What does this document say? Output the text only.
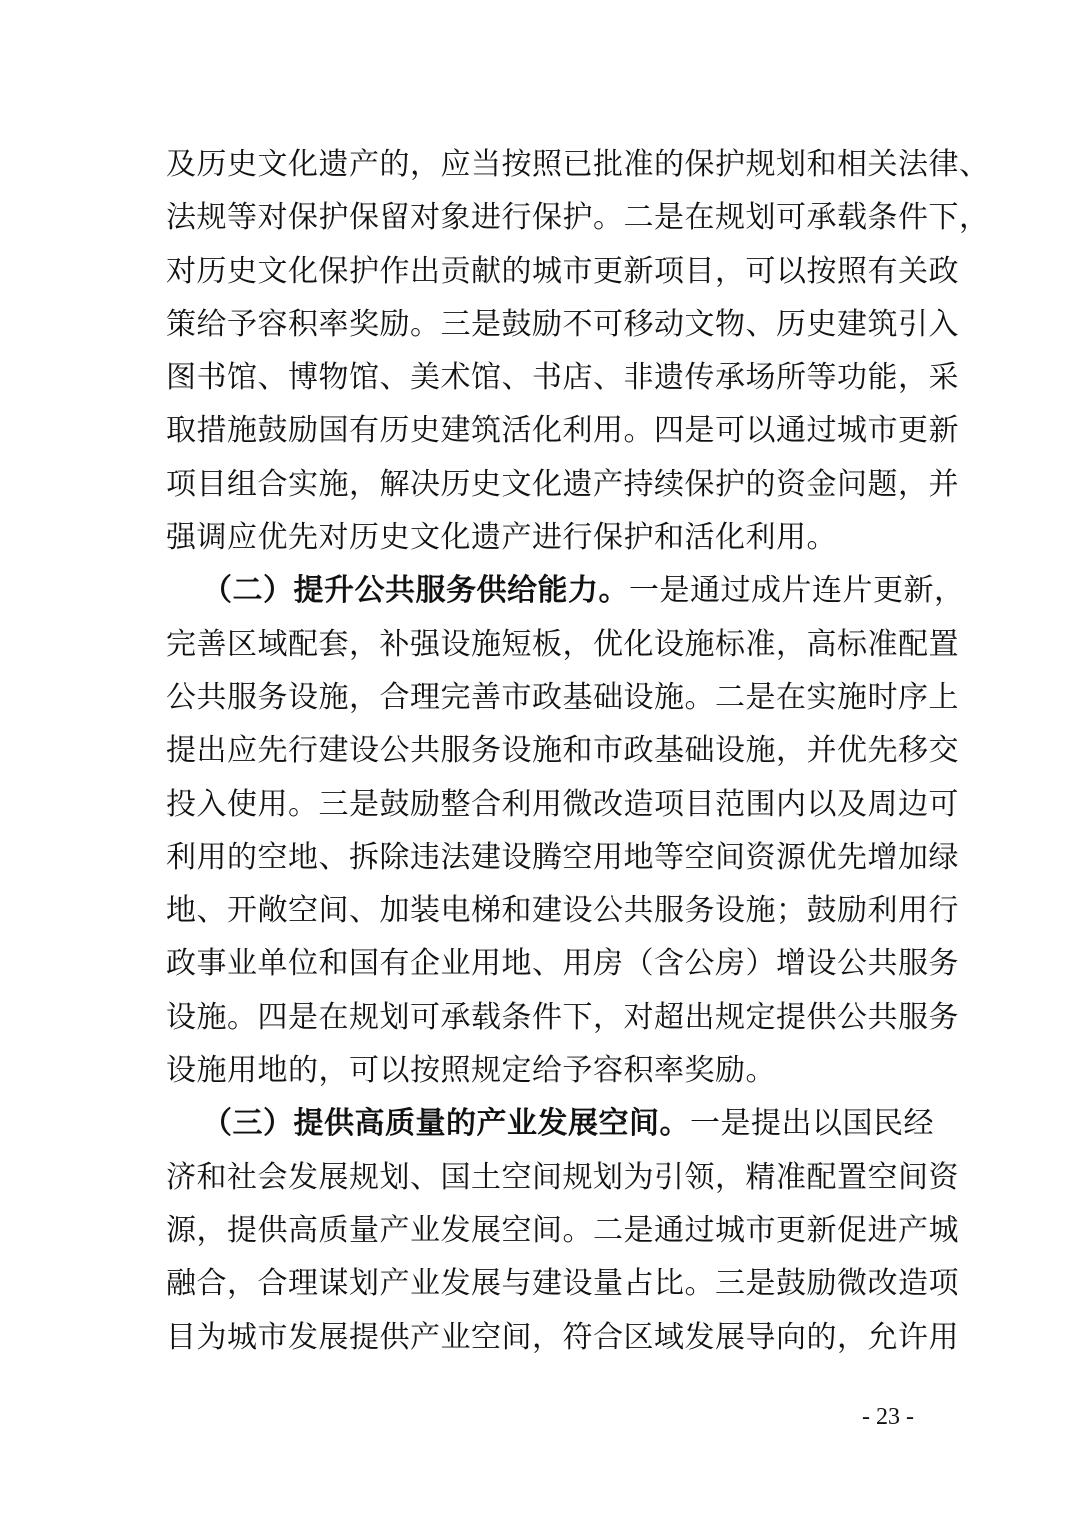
及历史文化遗产的，应当按照已批准的保护规划和相关法律、
法规等对保护保留对象进行保护。二是在规划可承载条件下，
对历史文化保护作出贡献的城市更新项目，可以按照有关政
策给予容积率奖励。三是鼓励不可移动文物、历史建筑引入
图书馆、博物馆、美术馆、书店、非遗传承场所等功能，采
取措施鼓励国有历史建筑活化利用。四是可以通过城市更新
项目组合实施，解决历史文化遗产持续保护的资金问题，并
强调应优先对历史文化遗产进行保护和活化利用。
（二）提升公共服务供给能力。一是通过成片连片更新，
完善区域配套，补强设施短板，优化设施标准，高标准配置
公共服务设施，合理完善市政基础设施。二是在实施时序上
提出应先行建设公共服务设施和市政基础设施，并优先移交
投入使用。三是鼓励整合利用微改造项目范围内以及周边可
利用的空地、拆除违法建设腾空用地等空间资源优先增加绿
地、开敞空间、加装电梯和建设公共服务设施；鼓励利用行
政事业单位和国有企业用地、用房（含公房）增设公共服务
设施。四是在规划可承载条件下，对超出规定提供公共服务
设施用地的，可以按照规定给予容积率奖励。
（三）提供高质量的产业发展空间。一是提出以国民经
济和社会发展规划、国土空间规划为引领，精准配置空间资
源，提供高质量产业发展空间。二是通过城市更新促进产城
融合，合理谋划产业发展与建设量占比。三是鼓励微改造项
目为城市发展提供产业空间，符合区域发展导向的，允许用
- 23 -
